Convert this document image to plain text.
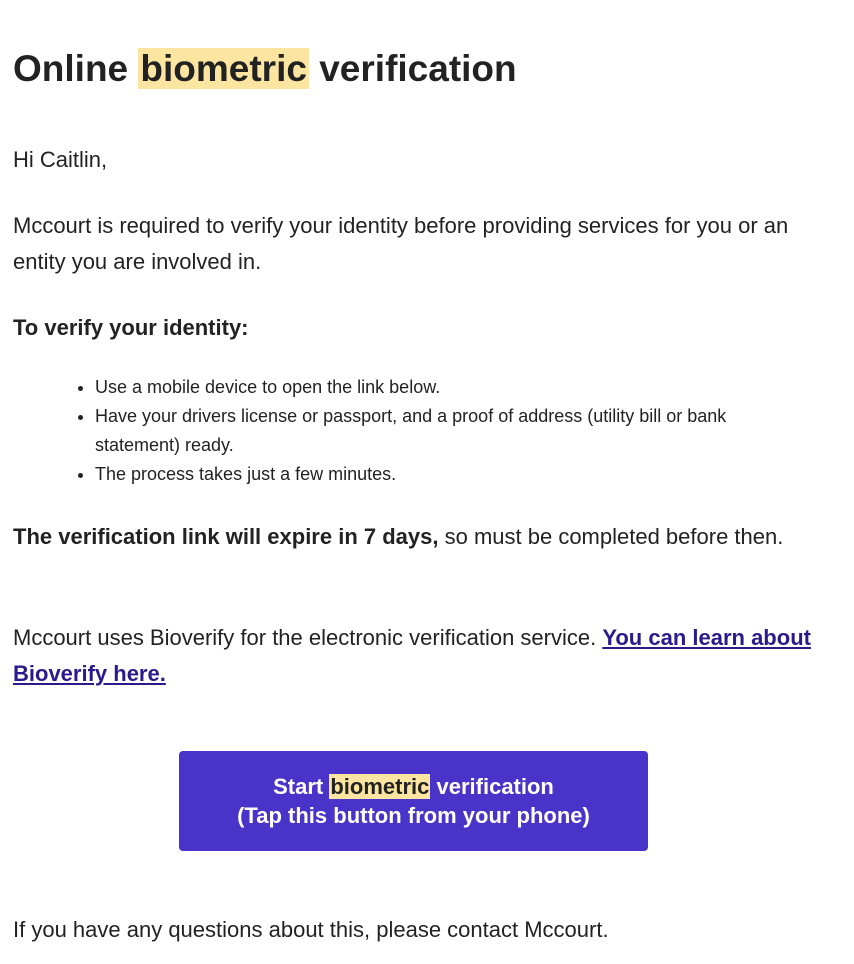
Online biometric verification

Hi Caitlin,

Mccourt is required to verify your identity before providing services for you or an entity you are involved in.

To verify your identity:

• Use a mobile device to open the link below.
• Have your drivers license or passport, and a proof of address (utility bill or bank statement) ready.
• The process takes just a few minutes.

The verification link will expire in 7 days, so must be completed before then.

Mccourt uses Bioverify for the electronic verification service. You can learn about Bioverify here.

Start biometric verification
(Tap this button from your phone)

If you have any questions about this, please contact Mccourt.
